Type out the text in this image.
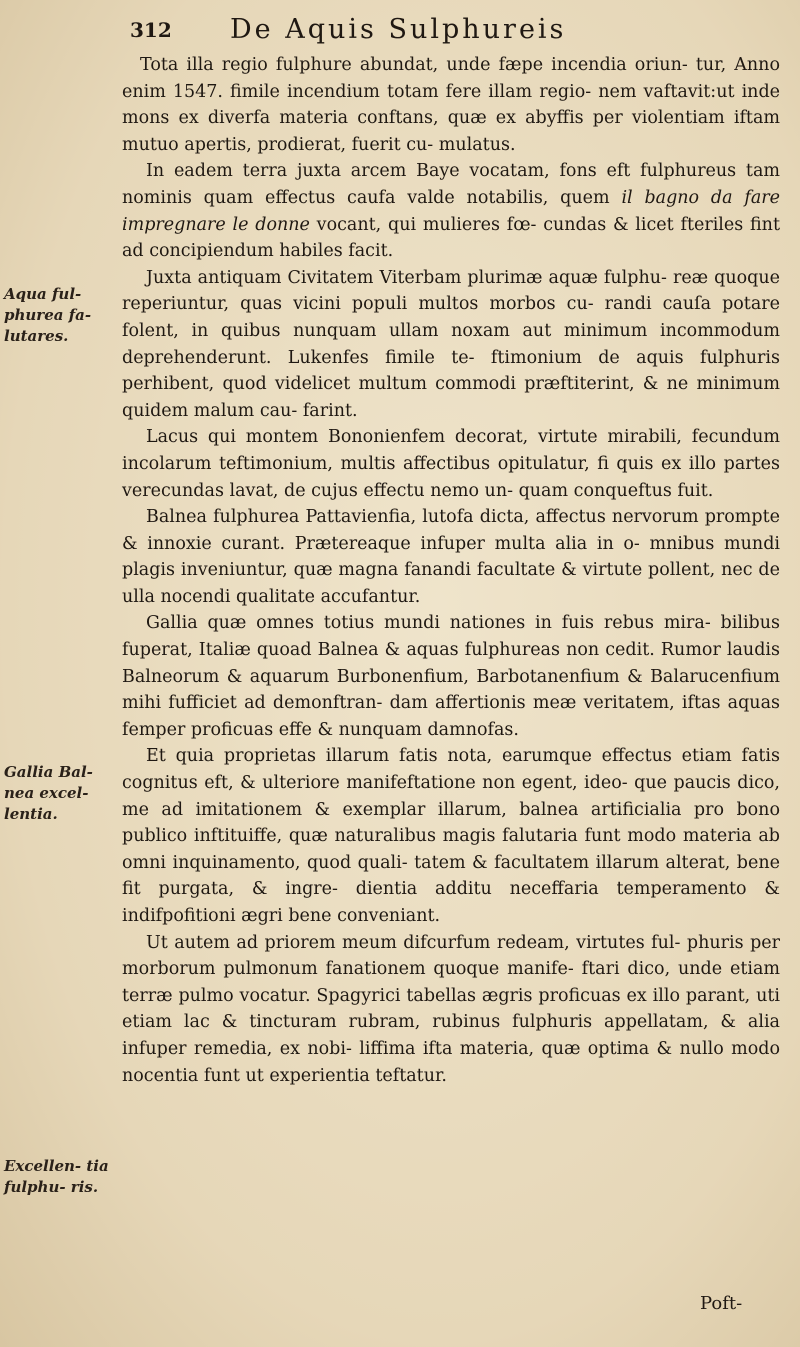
312 De Aquis Sulphureis

Tota illa regio fulphure abundat, unde fæpe incendia oriun- tur, Anno enim 1547. fimile incendium totam fere illam regio- nem vaftavit:ut inde mons ex diverfa materia conftans, quæ ex abyffis per violentiam iftam mutuo apertis, prodierat, fuerit cu- mulatus.

In eadem terra juxta arcem Baye vocatam, fons eft fulphureus tam nominis quam effectus caufa valde notabilis, quem il bagno da fare impregnare le donne vocant, qui mulieres fœ- cundas & licet fteriles fint ad concipiendum habiles facit.

Juxta antiquam Civitatem Viterbam plurimæ aquæ fulphu- reæ quoque reperiuntur, quas vicini populi multos morbos cu- randi cauſa potare folent, in quibus nunquam ullam noxam aut minimum incommodum deprehenderunt. Lukenfes fimile te- ftimonium de aquis fulphuris perhibent, quod videlicet multum commodi præftiterint, & ne minimum quidem malum cau- farint.

Lacus qui montem Bononienfem decorat, virtute mirabili, fecundum incolarum teftimonium, multis affectibus opitulatur, fi quis ex illo partes verecundas lavat, de cujus effectu nemo un- quam conqueftus fuit.

Balnea fulphurea Pattavienfia, lutofa dicta, affectus nervorum prompte & innoxie curant. Prætereaque infuper multa alia in o- mnibus mundi plagis inveniuntur, quæ magna fanandi facultate & virtute pollent, nec de ulla nocendi qualitate accufantur.

Gallia quæ omnes totius mundi nationes in fuis rebus mira- bilibus fuperat, Italiæ quoad Balnea & aquas fulphureas non cedit. Rumor laudis Balneorum & aquarum Burbonenfium, Barbotanenfium & Balarucenfium mihi fufficiet ad demonftran- dam affertionis meæ veritatem, iftas aquas femper proficuas effe & nunquam damnofas.

Et quia proprietas illarum fatis nota, earumque effectus etiam fatis cognitus eft, & ulteriore manifeftatione non egent, ideo- que paucis dico, me ad imitationem & exemplar illarum, balnea artificialia pro bono publico inftituiffe, quæ naturalibus magis falutaria funt modo materia ab omni inquinamento, quod quali- tatem & facultatem illarum alterat, bene fit purgata, & ingre- dientia additu neceffaria temperamento & indifpofitioni ægri bene conveniant.

Ut autem ad priorem meum difcurfum redeam, virtutes ful- phuris per morborum pulmonum fanationem quoque manife- ftari dico, unde etiam terræ pulmo vocatur. Spagyrici tabellas ægris proficuas ex illo parant, uti etiam lac & tincturam rubram, rubinus fulphuris appellatam, & alia infuper remedia, ex nobi- liffima ifta materia, quæ optima & nullo modo nocentia funt ut experientia teftatur.

Aqua ful- phurea fa- lutares.
Gallia Bal- nea excel- lentia.
Excellen- tia fulphu- ris.
Poft-
